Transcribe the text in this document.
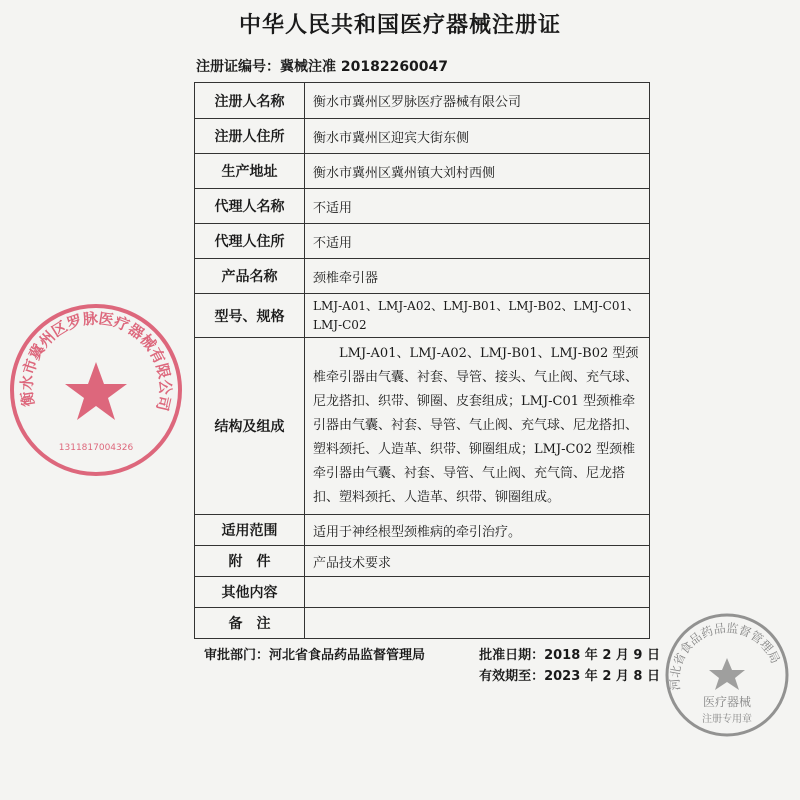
中华人民共和国医疗器械注册证
注册证编号：冀械注准 20182260047
注册人名称	衡水市冀州区罗脉医疗器械有限公司
注册人住所	衡水市冀州区迎宾大街东侧
生产地址	衡水市冀州区冀州镇大刘村西侧
代理人名称	不适用
代理人住所	不适用
产品名称	颈椎牵引器
型号、规格	LMJ-A01、LMJ-A02、LMJ-B01、LMJ-B02、LMJ-C01、LMJ-C02
结构及组成	LMJ-A01、LMJ-A02、LMJ-B01、LMJ-B02 型颈椎牵引器由气囊、衬套、导管、接头、气止阀、充气球、尼龙搭扣、织带、铆圈、皮套组成；LMJ-C01 型颈椎牵引器由气囊、衬套、导管、气止阀、充气球、尼龙搭扣、塑料颈托、人造革、织带、铆圈组成；LMJ-C02 型颈椎牵引器由气囊、衬套、导管、气止阀、充气筒、尼龙搭扣、塑料颈托、人造革、织带、铆圈组成。

适用范围	适用于神经根型颈椎病的牵引治疗。
附　件	产品技术要求
其他内容	
备　注	
审批部门：河北省食品药品监督管理局	批准日期：2018 年 2 月 9 日
有效期至：2023 年 2 月 8 日
衡水市冀州区罗脉医疗器械有限公司
1311817004326
河北省食品药品监督管理局
医疗器械
注册专用章
